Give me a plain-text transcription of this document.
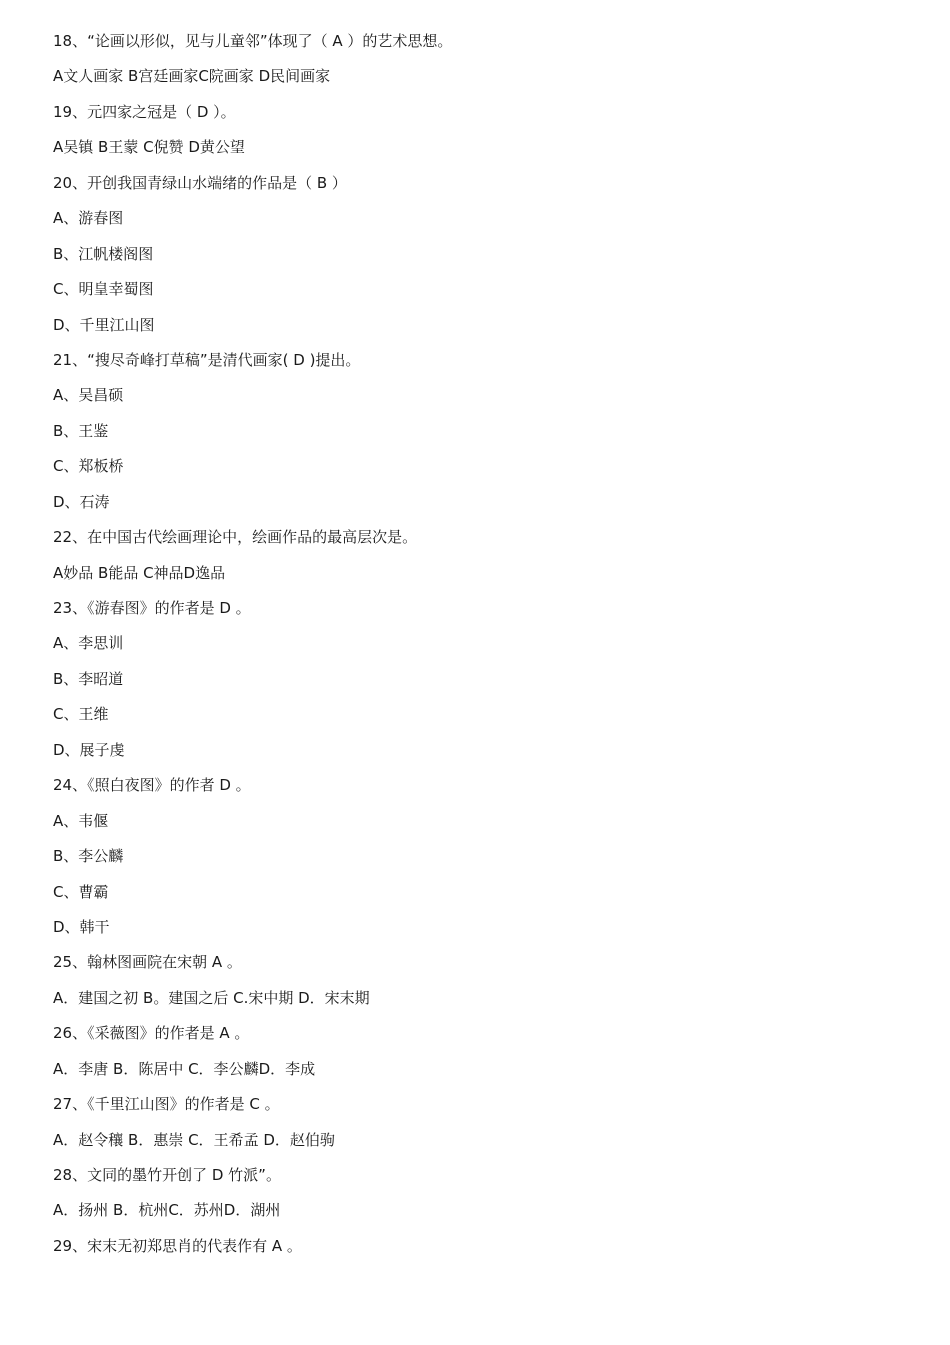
18、“论画以形似，见与儿童邻”体现了（ A ）的艺术思想。
A文人画家 B宫廷画家C院画家 D民间画家
19、元四家之冠是（ D ）。
A吴镇 B王蒙 C倪赞 D黄公望
20、开创我国青绿山水端绪的作品是（ B ）
A、游春图
B、江帆楼阁图
C、明皇幸蜀图
D、千里江山图
21、“搜尽奇峰打草稿”是清代画家( D )提出。
A、吴昌硕
B、王鉴
C、郑板桥
D、石涛
22、在中国古代绘画理论中，绘画作品的最高层次是。
A妙品 B能品 C神品D逸品
23、《游春图》的作者是 D 。
A、李思训
B、李昭道
C、王维
D、展子虔
24、《照白夜图》的作者 D 。
A、韦偃
B、李公麟
C、曹霸
D、韩干
25、翰林图画院在宋朝 A 。
A．建国之初 B。建国之后 C.宋中期 D．宋末期
26、《采薇图》的作者是 A 。
A．李唐 B．陈居中 C．李公麟D．李成
27、《千里江山图》的作者是 C 。
A．赵令穰 B．惠崇 C．王希孟 D．赵伯驹
28、文同的墨竹开创了 D 竹派”。
A．扬州 B．杭州C．苏州D．湖州
29、宋末无初郑思肖的代表作有 A 。
